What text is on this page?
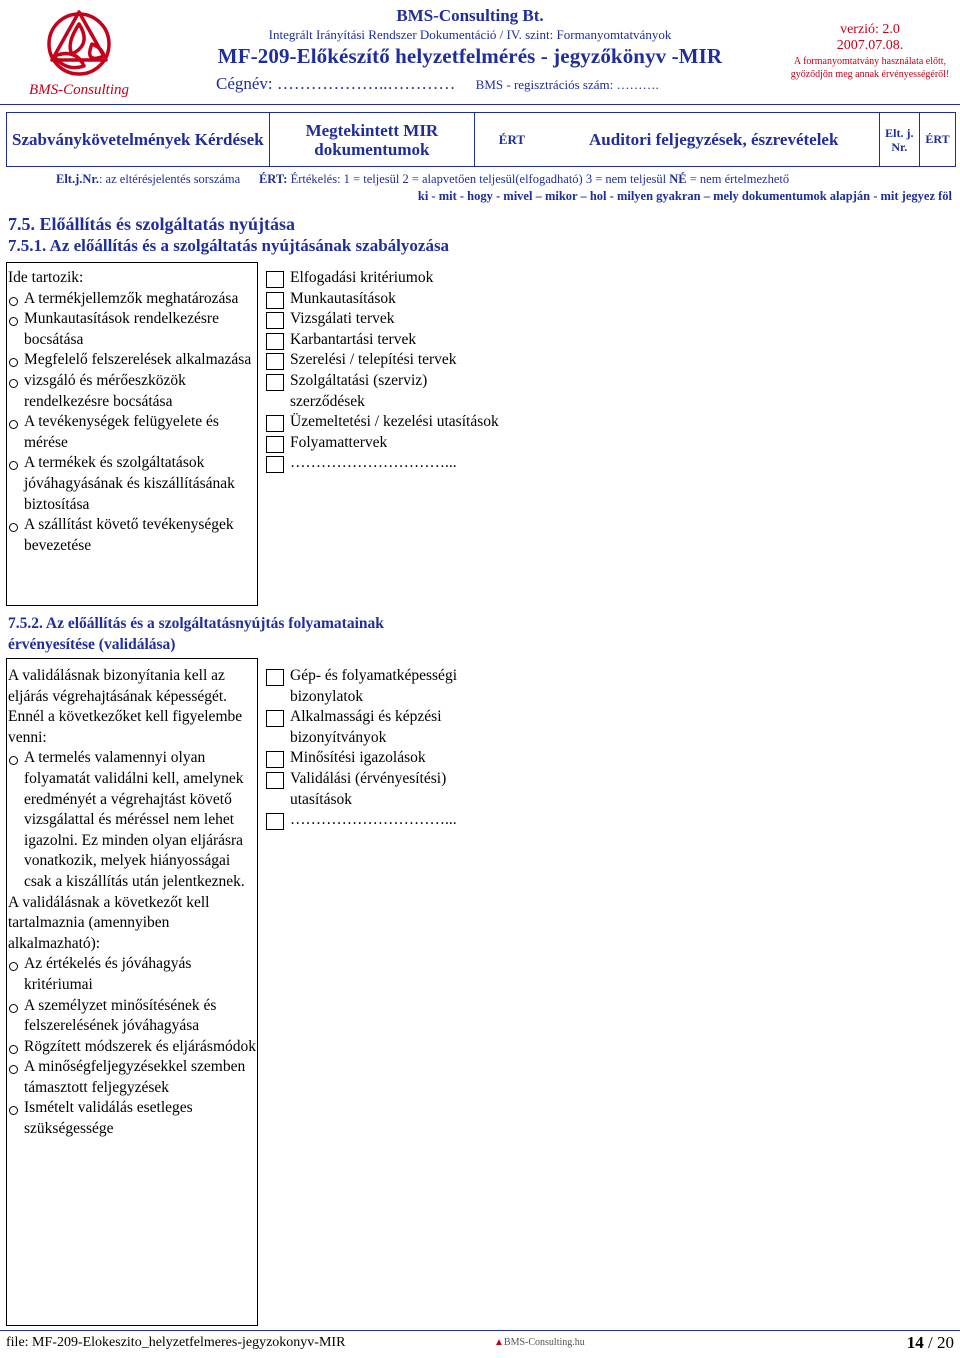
BMS-Consulting
BMS-Consulting Bt.
Integrált Irányítási Rendszer Dokumentáció / IV. szint: Formanyomtatványok
MF-209-Előkészítő helyzetfelmérés - jegyzőkönyv -MIR
Cégnév: ………………..………… BMS - regisztrációs szám: ……….
verzió: 2.0
2007.07.08.
A formanyomtatvány használata előtt, győződjön meg annak érvényességéről!
Szabványkövetelmények Kérdések	Megtekintett MIR dokumentumok	ÉRT	Auditori feljegyzések, észrevételek	Elt. j. Nr.	ÉRT
Elt.j.Nr.: az eltérésjelentés sorszáma ÉRT: Értékelés: 1 = teljesül 2 = alapvetően teljesül(elfogadható) 3 = nem teljesül NÉ = nem értelmezhető
ki - mit - hogy - mivel – mikor – hol - milyen gyakran – mely dokumentumok alapján - mit jegyez föl
7.5. Előállítás és szolgáltatás nyújtása
7.5.1. Az előállítás és a szolgáltatás nyújtásának szabályozása

Ide tartozik:

A termékjellemzők meghatározása
Munkautasítások rendelkezésre bocsátása
Megfelelő felszerelések alkalmazása
vizsgáló és mérőeszközök rendelkezésre bocsátása
A tevékenységek felügyelete és mérése
A termékek és szolgáltatások jóváhagyásának és kiszállításának biztosítása
A szállítást követő tevékenységek bevezetése
Elfogadási kritériumok
Munkautasítások
Vizsgálati tervek
Karbantartási tervek
Szerelési / telepítési tervek
Szolgáltatási (szerviz) szerződések
Üzemeltetési / kezelési utasítások
Folyamattervek
…………………………...
7.5.2. Az előállítás és a szolgáltatásnyújtás folyamatainak érvényesítése (validálása)

A validálásnak bizonyítania kell az eljárás végrehajtásának képességét. Ennél a következőket kell figyelembe venni:

A termelés valamennyi olyan folyamatát validálni kell, amelynek eredményét a végrehajtást követő vizsgálattal és méréssel nem lehet igazolni. Ez minden olyan eljárásra vonatkozik, melyek hiányosságai csak a kiszállítás után jelentkeznek.

A validálásnak a következőt kell tartalmaznia (amennyiben alkalmazható):

Az értékelés és jóváhagyás kritériumai
A személyzet minősítésének és felszerelésének jóváhagyása
Rögzített módszerek és eljárásmódok
A minőségfeljegyzésekkel szemben támasztott feljegyzések
Ismételt validálás esetleges szükségessége
Gép- és folyamatképességi bizonylatok
Alkalmassági és képzési bizonyítványok
Minősítési igazolások
Validálási (érvényesítési) utasítások
…………………………...
file: MF-209-Elokeszito_helyzetfelmeres-jegyzokonyv-MIR	▲BMS-Consulting.hu	14 / 20
